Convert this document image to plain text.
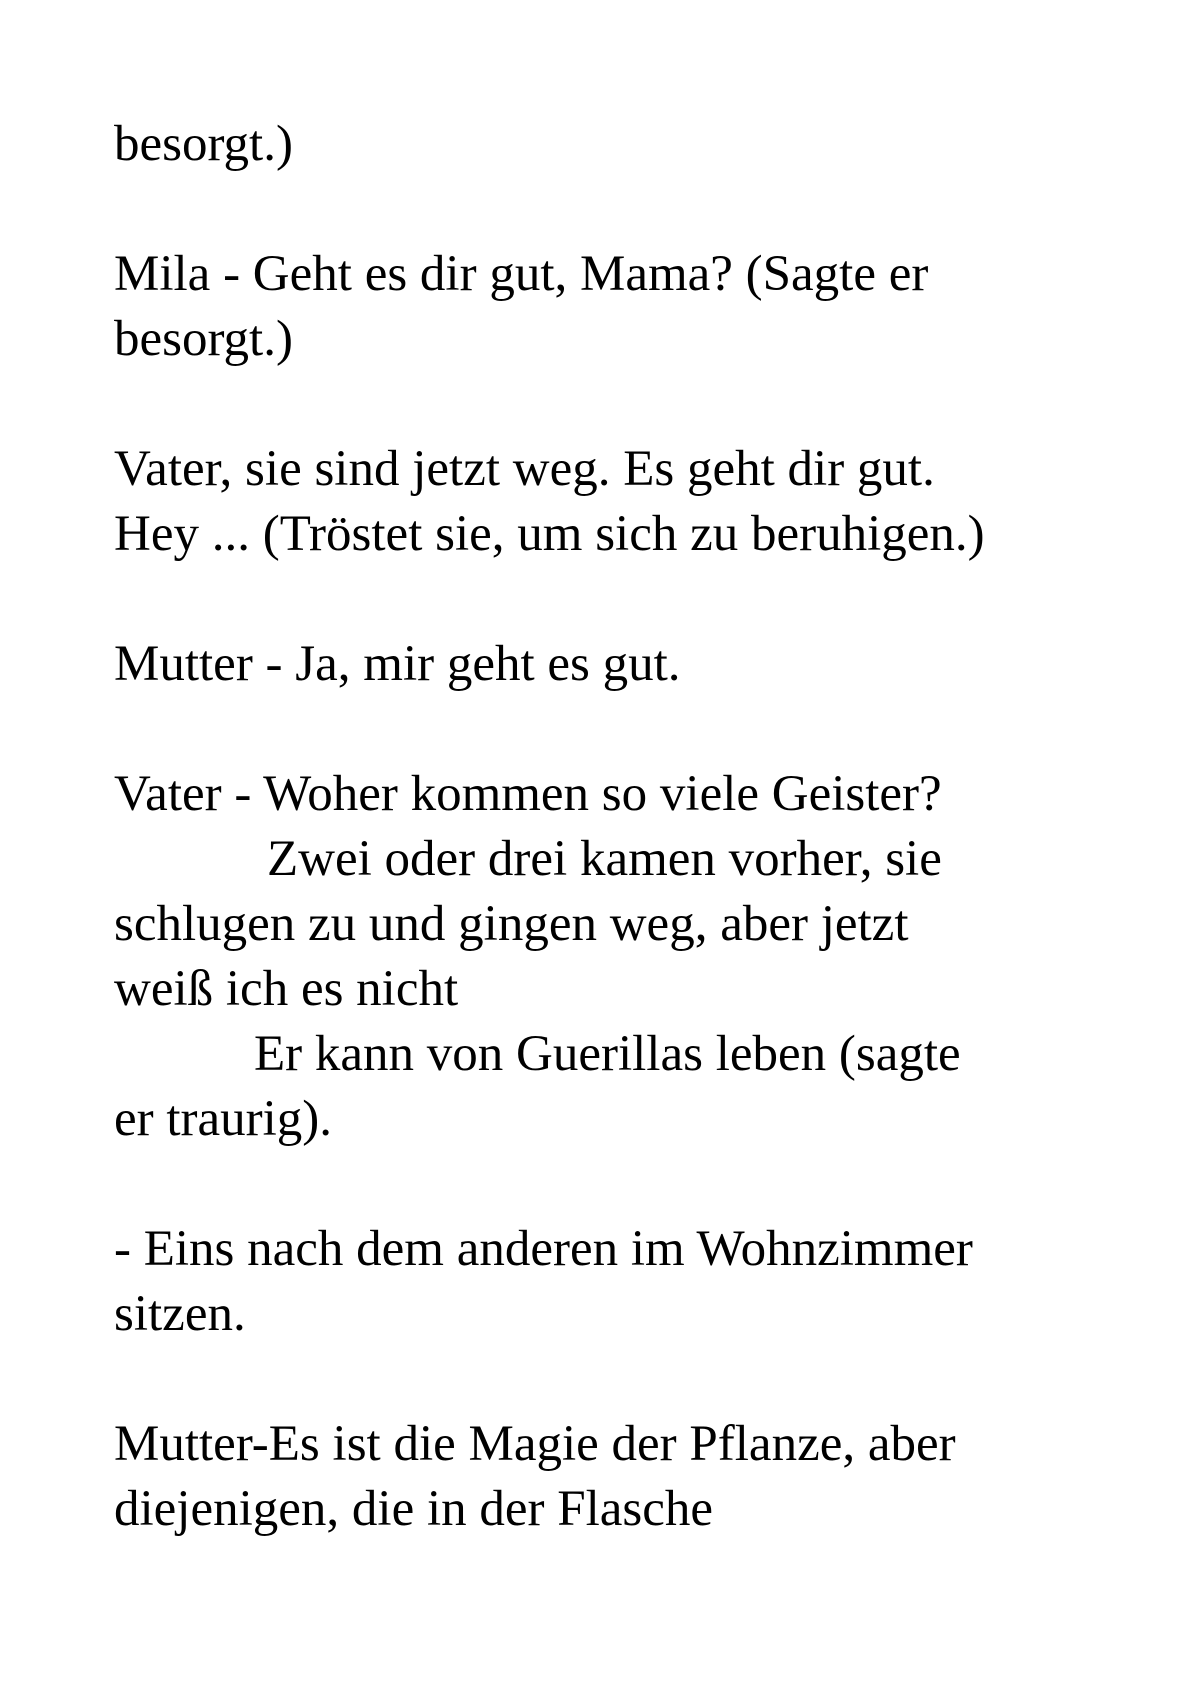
besorgt.)
Mila - Geht es dir gut, Mama? (Sagte er
besorgt.)
Vater, sie sind jetzt weg. Es geht dir gut.
Hey ... (Tröstet sie, um sich zu beruhigen.)
Mutter - Ja, mir geht es gut.
Vater - Woher kommen so viele Geister?
Zwei oder drei kamen vorher, sie
schlugen zu und gingen weg, aber jetzt
weiß ich es nicht
Er kann von Guerillas leben (sagte
er traurig).
- Eins nach dem anderen im Wohnzimmer
sitzen.
Mutter-Es ist die Magie der Pflanze, aber
diejenigen, die in der Flasche
